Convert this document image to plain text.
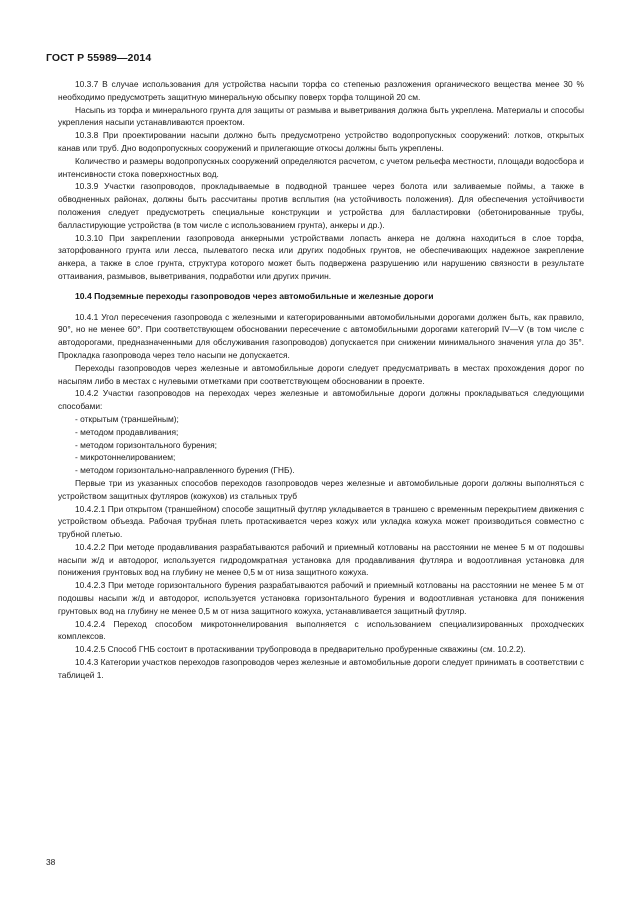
ГОСТ Р 55989—2014

10.3.7 В случае использования для устройства насыпи торфа со степенью разложения органического вещества менее 30 % необходимо предусмотреть защитную минеральную обсыпку поверх торфа толщиной 20 см.

Насыпь из торфа и минерального грунта для защиты от размыва и выветривания должна быть укреплена. Материалы и способы укрепления насыпи устанавливаются проектом.

10.3.8 При проектировании насыпи должно быть предусмотрено устройство водопропускных сооружений: лотков, открытых канав или труб. Дно водопропускных сооружений и прилегающие откосы должны быть укреплены.

Количество и размеры водопропускных сооружений определяются расчетом, с учетом рельефа местности, площади водосбора и интенсивности стока поверхностных вод.

10.3.9 Участки газопроводов, прокладываемые в подводной траншее через болота или заливаемые поймы, а также в обводненных районах, должны быть рассчитаны против всплытия (на устойчивость положения). Для обеспечения устойчивости положения следует предусмотреть специальные конструкции и устройства для балластировки (обетонированные трубы, балластирующие устройства (в том числе с использованием грунта), анкеры и др.).

10.3.10 При закреплении газопровода анкерными устройствами лопасть анкера не должна находиться в слое торфа, заторфованного грунта или лесса, пылеватого песка или других подобных грунтов, не обеспечивающих надежное закрепление анкера, а также в слое грунта, структура которого может быть подвержена разрушению или нарушению связности в результате оттаивания, размывов, выветривания, подработки или других причин.

10.4 Подземные переходы газопроводов через автомобильные и железные дороги

10.4.1 Угол пересечения газопровода с железными и категорированными автомобильными дорогами должен быть, как правило, 90°, но не менее 60°. При соответствующем обосновании пересечение с автомобильными дорогами категорий IV—V (в том числе с автодорогами, предназначенными для обслуживания газопроводов) допускается при снижении минимального значения угла до 35°. Прокладка газопровода через тело насыпи не допускается.

Переходы газопроводов через железные и автомобильные дороги следует предусматривать в местах прохождения дорог по насыпям либо в местах с нулевыми отметками при соответствующем обосновании в проекте.

10.4.2 Участки газопроводов на переходах через железные и автомобильные дороги должны прокладываться следующими способами:

- открытым (траншейным);

- методом продавливания;

- методом горизонтального бурения;

- микротоннелированием;

- методом горизонтально-направленного бурения (ГНБ).

Первые три из указанных способов переходов газопроводов через железные и автомобильные дороги должны выполняться с устройством защитных футляров (кожухов) из стальных труб

10.4.2.1 При открытом (траншейном) способе защитный футляр укладывается в траншею с временным перекрытием движения с устройством объезда. Рабочая трубная плеть протаскивается через кожух или укладка кожуха может производиться совместно с трубной плетью.

10.4.2.2 При методе продавливания разрабатываются рабочий и приемный котлованы на расстоянии не менее 5 м от подошвы насыпи ж/д и автодорог, используется гидродомкратная установка для продавливания футляра и водоотливная установка для понижения грунтовых вод на глубину не менее 0,5 м от низа защитного кожуха.

10.4.2.3 При методе горизонтального бурения разрабатываются рабочий и приемный котлованы на расстоянии не менее 5 м от подошвы насыпи ж/д и автодорог, используется установка горизонтального бурения и водоотливная установка для понижения грунтовых вод на глубину не менее 0,5 м от низа защитного кожуха, устанавливается защитный футляр.

10.4.2.4 Переход способом микротоннелирования выполняется с использованием специализированных проходческих комплексов.

10.4.2.5 Способ ГНБ состоит в протаскивании трубопровода в предварительно пробуренные скважины (см. 10.2.2).

10.4.3 Категории участков переходов газопроводов через железные и автомобильные дороги следует принимать в соответствии с таблицей 1.

38
